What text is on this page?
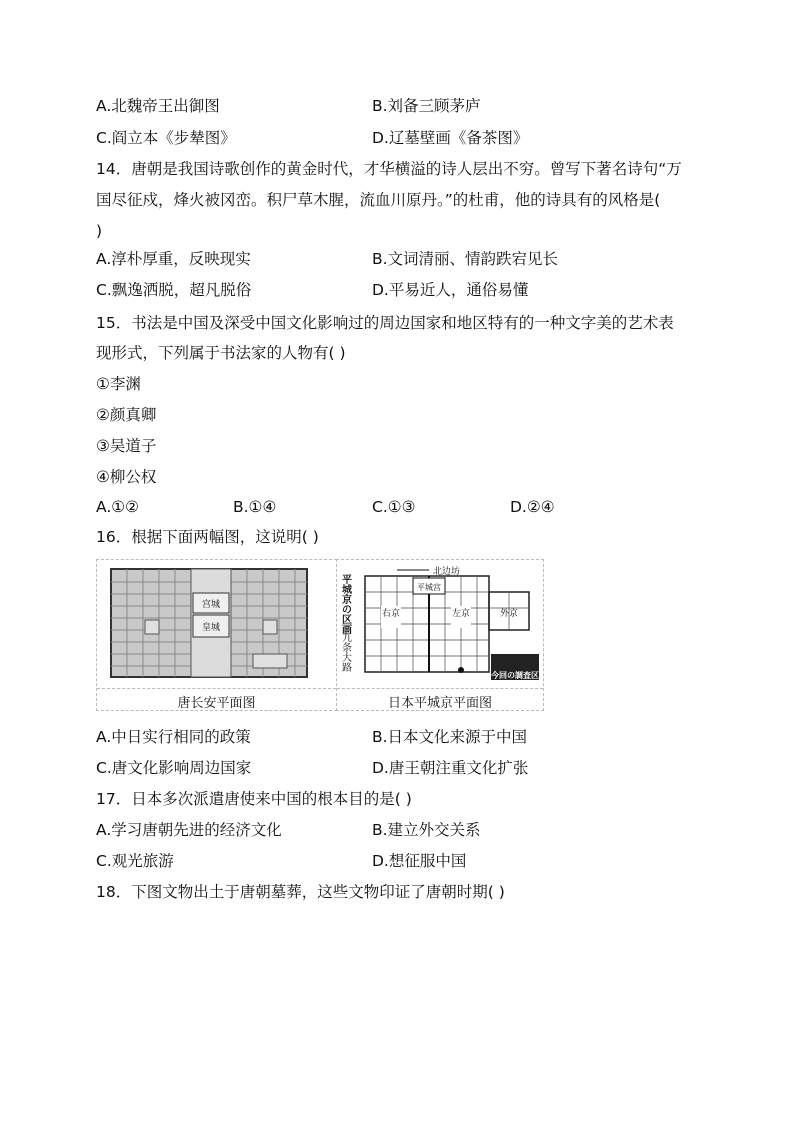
A.北魏帝王出御图	B.刘备三顾茅庐
C.阎立本《步辇图》	D.辽墓壁画《备茶图》
14．唐朝是我国诗歌创作的黄金时代，才华横溢的诗人层出不穷。曾写下著名诗句“万
国尽征戍，烽火被冈峦。积尸草木腥，流血川原丹。”的杜甫，他的诗具有的风格是(
)
A.淳朴厚重，反映现实	B.文词清丽、情韵跌宕见长
C.飘逸洒脱，超凡脱俗	D.平易近人，通俗易懂
15．书法是中国及深受中国文化影响过的周边国家和地区特有的一种文字美的艺术表
现形式，下列属于书法家的人物有( )
①李渊
②颜真卿
③吴道子
④柳公权
A.①②	B.①④	C.①③	D.②④
16．根据下面两幅图，这说明( )
宫城
皇城
唐长安平面图
平城京の区画
九条大路
平城宫
北边坊
右京	左京	外京
今回の調査区
日本平城京平面图
A.中日实行相同的政策	B.日本文化来源于中国
C.唐文化影响周边国家	D.唐王朝注重文化扩张
17．日本多次派遣唐使来中国的根本目的是( )
A.学习唐朝先进的经济文化	B.建立外交关系
C.观光旅游	D.想征服中国
18．下图文物出土于唐朝墓葬，这些文物印证了唐朝时期( )
